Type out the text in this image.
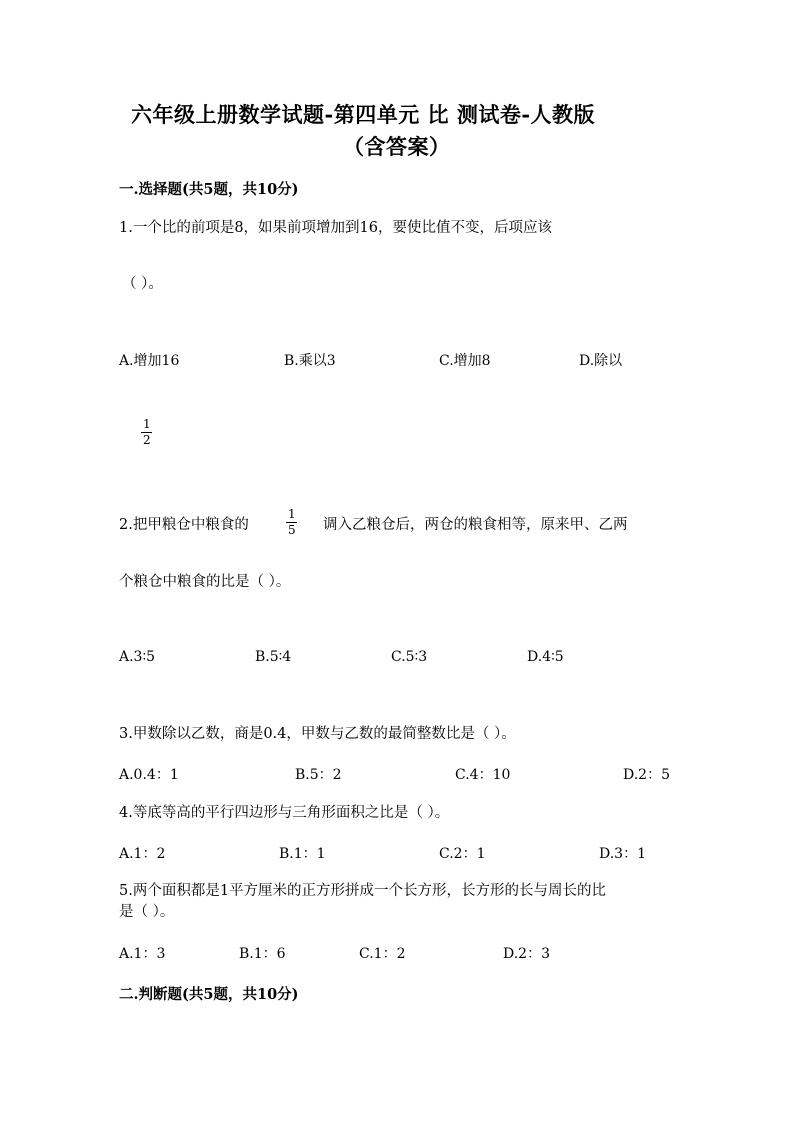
六年级上册数学试题-第四单元 比 测试卷-人教版
（含答案）
一.选择题(共5题，共10分)
1.一个比的前项是8，如果前项增加到16，要使比值不变，后项应该
（ ）。
A.增加16	B.乘以3	C.增加8	D.除以
1
2
2.把甲粮仓中粮食的
1
5 调入乙粮仓后，两仓的粮食相等，原来甲、乙两
个粮仓中粮食的比是（ ）。
A.3∶5	B.5∶4	C.5∶3	D.4∶5
3.甲数除以乙数，商是0.4，甲数与乙数的最简整数比是（ ）。
A.0.4：1	B.5：2	C.4：10	D.2：5
4.等底等高的平行四边形与三角形面积之比是（ ）。
A.1：2	B.1：1	C.2：1	D.3：1
5.两个面积都是1平方厘米的正方形拼成一个长方形，长方形的长与周长的比
是（ ）。
A.1：3	B.1：6	C.1：2	D.2：3
二.判断题(共5题，共10分)
